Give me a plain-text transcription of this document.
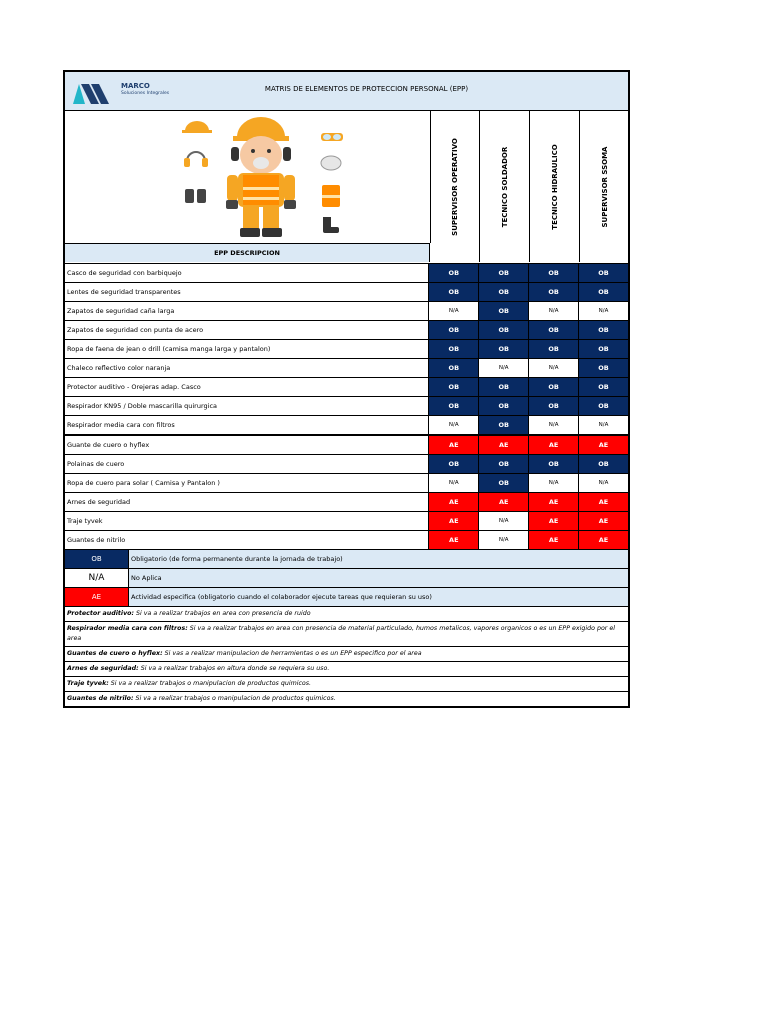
MARCO
Soluciones Integrales
MATRIS DE ELEMENTOS DE PROTECCION PERSONAL (EPP)
EPP DESCRIPCION
SUPERVISOR OPERATIVO	TECNICO SOLDADOR	TECNICO HIDRAULICO	SUPERVISOR SSOMA
Casco de seguridad con barbiquejo	OB	OB	OB	OB
Lentes de seguridad transparentes	OB	OB	OB	OB
Zapatos de seguridad caña larga	N/A	OB	N/A	N/A
Zapatos de seguridad con punta de acero	OB	OB	OB	OB
Ropa de faena de jean o drill (camisa manga larga y pantalon)	OB	OB	OB	OB
Chaleco reflectivo color naranja	OB	N/A	N/A	OB
Protector auditivo - Orejeras adap. Casco	OB	OB	OB	OB
Respirador KN95 / Doble mascarilla quirurgica	OB	OB	OB	OB
Respirador media cara con filtros	N/A	OB	N/A	N/A
Guante de cuero o hyflex	AE	AE	AE	AE
Polainas de cuero	OB	OB	OB	OB
Ropa de cuero para solar ( Camisa y Pantalon )	N/A	OB	N/A	N/A
Arnes de seguridad	AE	AE	AE	AE
Traje tyvek	AE	N/A	AE	AE
Guantes de nitrilo	AE	N/A	AE	AE
OB	Obligatorio (de forma permanente durante la jornada de trabajo)
N/A	No Aplica
AE	Actividad especifica (obligatorio cuando el colaborador ejecute tareas que requieran su uso)
Protector auditivo: Si va a realizar trabajos en area con presencia de ruido
Respirador media cara con filtros: Si va a realizar trabajos en area con presencia de material particulado, humos metalicos, vapores organicos o es un EPP exigido por el area
Guantes de cuero o hyflex: Si vas a realizar manipulacion de herramientas o es un EPP especifico por el area
Arnes de seguridad: Si va a realizar trabajos en altura donde se requiera su uso.
Traje tyvek: Si va a realizar trabajos o manipulacion de productos quimicos.
Guantes de nitrilo: Si va a realizar trabajos o manipulacion de productos quimicos.
